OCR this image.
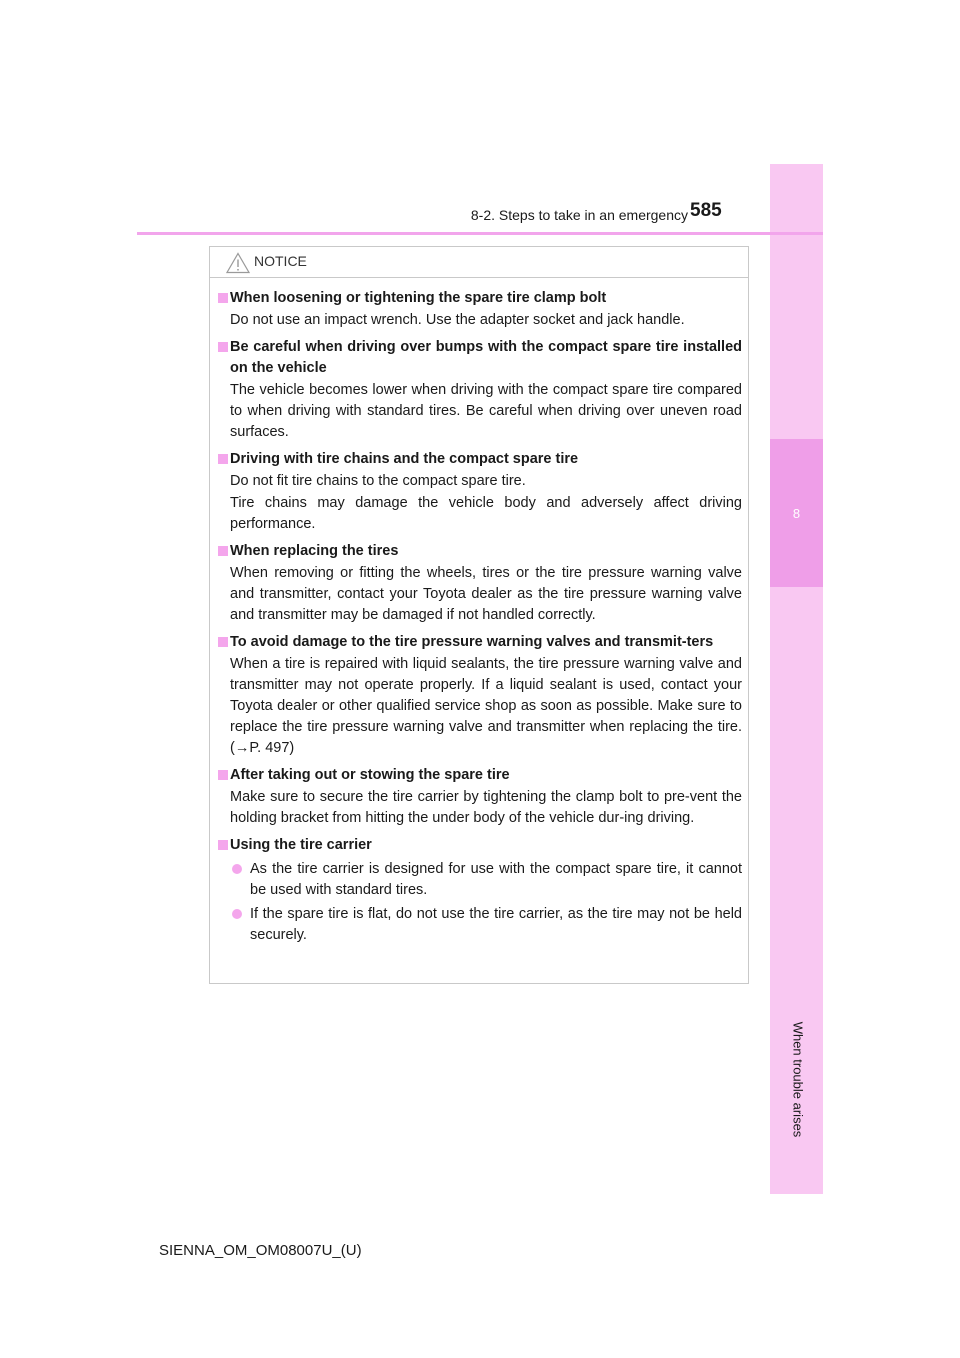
8
When trouble arises
8-2. Steps to take in an emergency 585
NOTICE
When loosening or tightening the spare tire clamp bolt

Do not use an impact wrench. Use the adapter socket and jack handle.

Be careful when driving over bumps with the compact spare tire installed on the vehicle

The vehicle becomes lower when driving with the compact spare tire compared to when driving with standard tires. Be careful when driving over uneven road surfaces.

Driving with tire chains and the compact spare tire

Do not fit tire chains to the compact spare tire.

Tire chains may damage the vehicle body and adversely affect driving performance.

When replacing the tires

When removing or fitting the wheels, tires or the tire pressure warning valve and transmitter, contact your Toyota dealer as the tire pressure warning valve and transmitter may be damaged if not handled correctly.

To avoid damage to the tire pressure warning valves and transmit-ters

When a tire is repaired with liquid sealants, the tire pressure warning valve and transmitter may not operate properly. If a liquid sealant is used, contact your Toyota dealer or other qualified service shop as soon as possible. Make sure to replace the tire pressure warning valve and transmitter when replacing the tire. (→P. 497)

After taking out or stowing the spare tire

Make sure to secure the tire carrier by tightening the clamp bolt to pre-vent the holding bracket from hitting the under body of the vehicle dur-ing driving.

Using the tire carrier
As the tire carrier is designed for use with the compact spare tire, it cannot be used with standard tires.
If the spare tire is flat, do not use the tire carrier, as the tire may not be held securely.
SIENNA_OM_OM08007U_(U)
